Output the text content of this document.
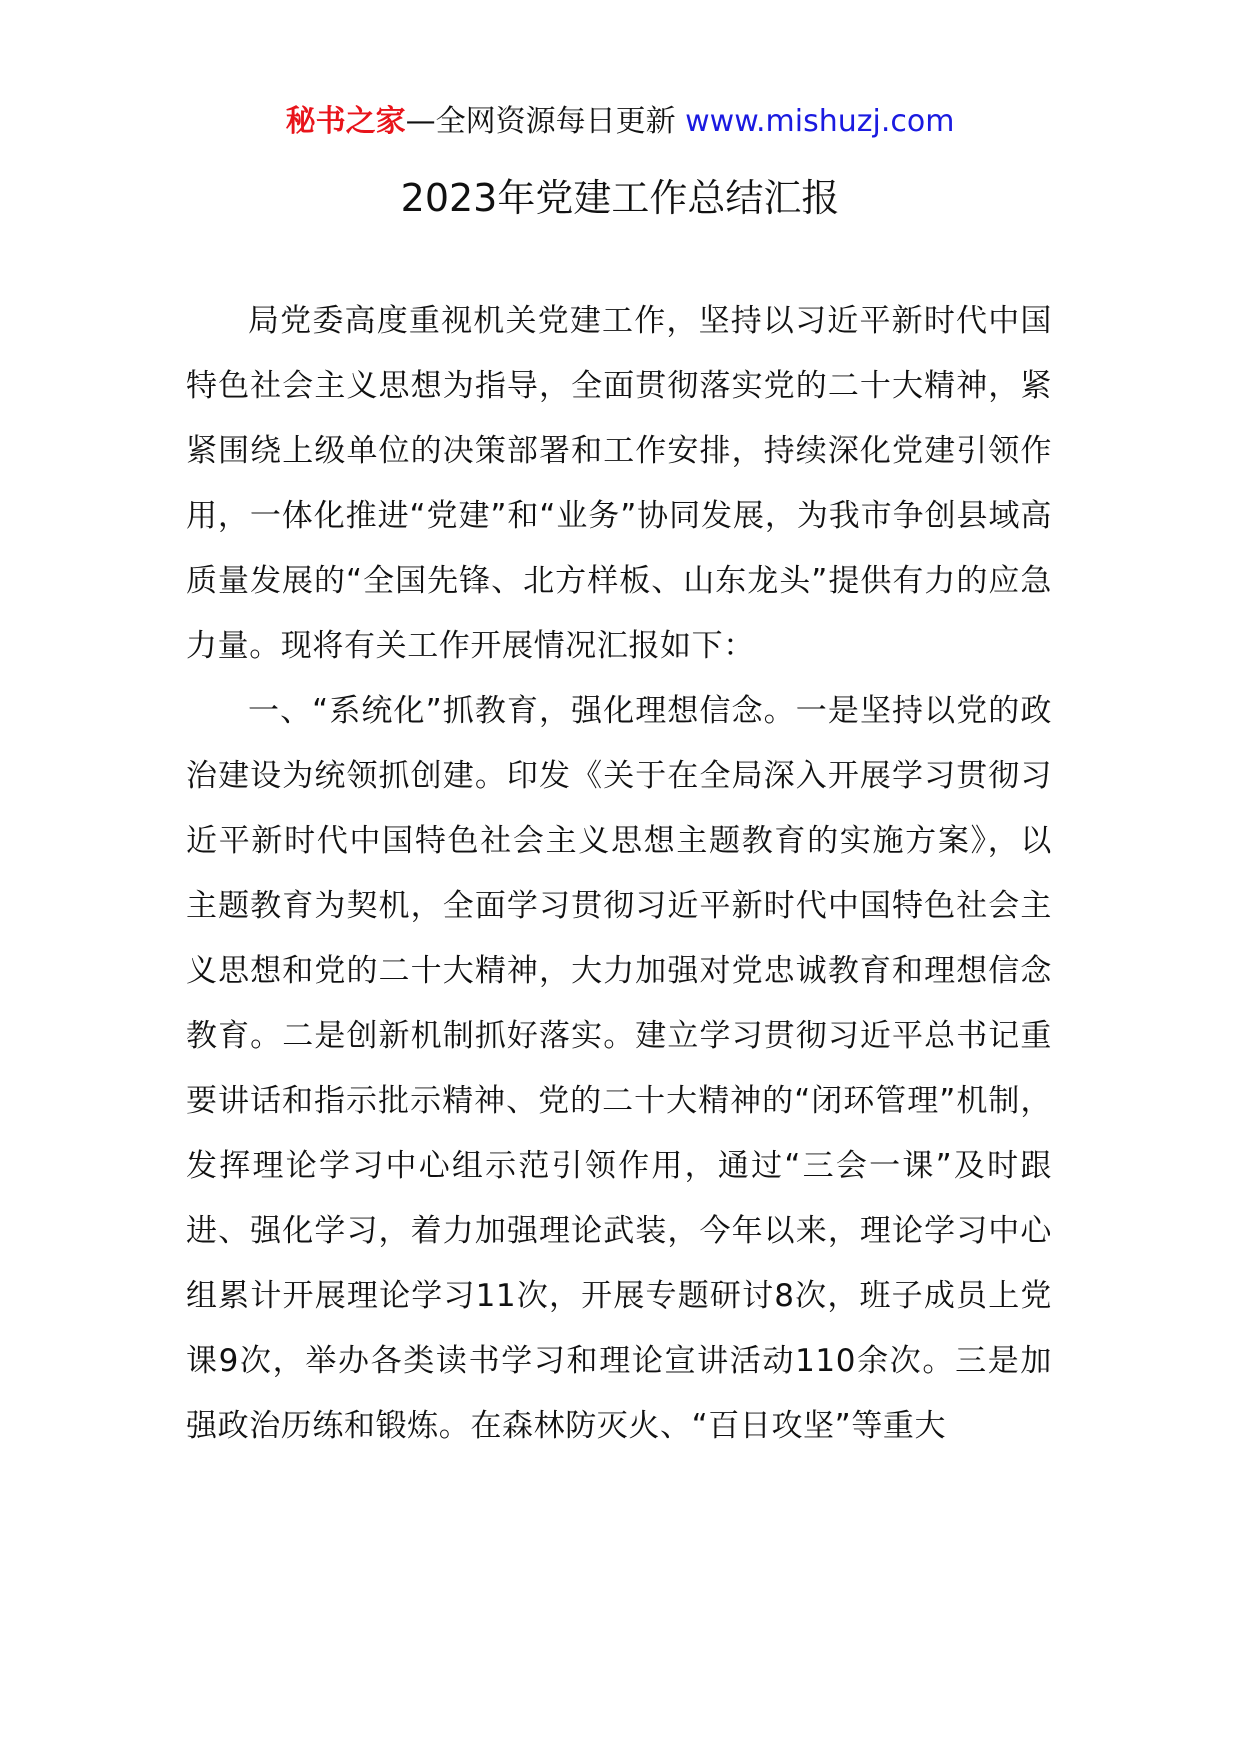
秘书之家—全网资源每日更新 www.mishuzj.com
2023年党建工作总结汇报

局党委高度重视机关党建工作，坚持以习近平新时代中国特色社会主义思想为指导，全面贯彻落实党的二十大精神，紧紧围绕上级单位的决策部署和工作安排，持续深化党建引领作用，一体化推进“党建”和“业务”协同发展，为我市争创县域高质量发展的“全国先锋、北方样板、山东龙头”提供有力的应急力量。现将有关工作开展情况汇报如下：

一、“系统化”抓教育，强化理想信念。一是坚持以党的政治建设为统领抓创建。印发《关于在全局深入开展学习贯彻习近平新时代中国特色社会主义思想主题教育的实施方案》，以主题教育为契机，全面学习贯彻习近平新时代中国特色社会主义思想和党的二十大精神，大力加强对党忠诚教育和理想信念教育。二是创新机制抓好落实。建立学习贯彻习近平总书记重要讲话和指示批示精神、党的二十大精神的“闭环管理”机制，发挥理论学习中心组示范引领作用，通过“三会一课”及时跟进、强化学习，着力加强理论武装，今年以来，理论学习中心组累计开展理论学习11次，开展专题研讨8次，班子成员上党课9次，举办各类读书学习和理论宣讲活动110余次。三是加强政治历练和锻炼。在森林防灭火、“百日攻坚”等重大
